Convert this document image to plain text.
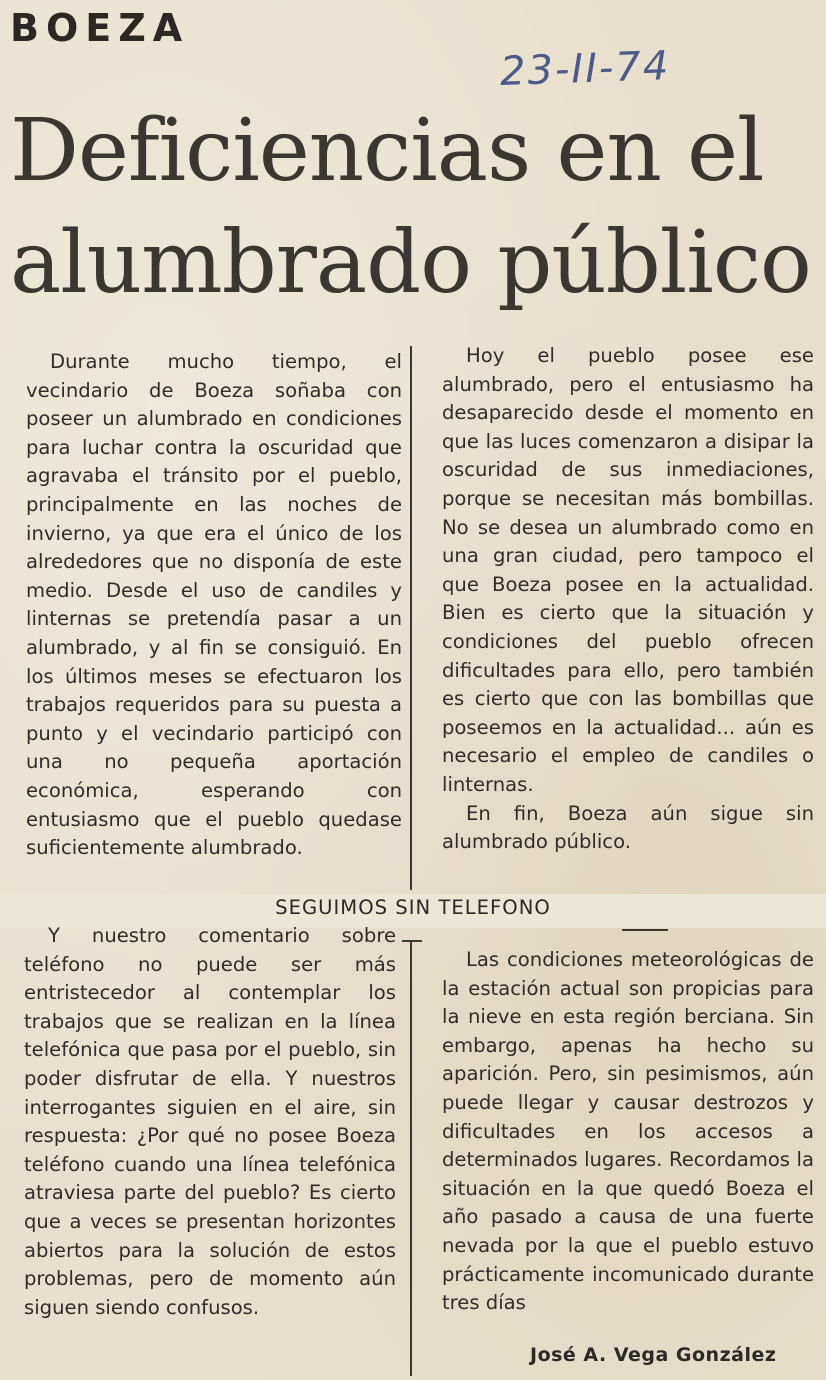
BOEZA
23-II-74
Deficiencias en el alumbrado público

Durante mucho tiempo, el vecindario de Boeza soñaba con poseer un alumbrado en condiciones para luchar contra la oscuridad que agravaba el tránsito por el pueblo, principalmente en las noches de invierno, ya que era el único de los alrededores que no disponía de este medio. Desde el uso de candiles y linternas se pretendía pasar a un alumbrado, y al fin se consiguió. En los últimos meses se efectuaron los trabajos requeridos para su puesta a punto y el vecindario participó con una no pequeña aportación económica, esperando con entusiasmo que el pueblo quedase suficientemente alumbrado.

Hoy el pueblo posee ese alumbrado, pero el entusiasmo ha desaparecido desde el momento en que las luces comenzaron a disipar la oscuridad de sus inmediaciones, porque se necesitan más bombillas. No se desea un alumbrado como en una gran ciudad, pero tampoco el que Boeza posee en la actualidad. Bien es cierto que la situación y condiciones del pueblo ofrecen dificultades para ello, pero también es cierto que con las bombillas que poseemos en la actualidad... aún es necesario el empleo de candiles o linternas.

En fin, Boeza aún sigue sin alumbrado público.

SEGUIMOS SIN TELEFONO

Y nuestro comentario sobre teléfono no puede ser más entristecedor al contemplar los trabajos que se realizan en la línea telefónica que pasa por el pueblo, sin poder disfrutar de ella. Y nuestros interrogantes siguien en el aire, sin respuesta: ¿Por qué no posee Boeza teléfono cuando una línea telefónica atraviesa parte del pueblo? Es cierto que a veces se presentan horizontes abiertos para la solución de estos problemas, pero de momento aún siguen siendo confusos.

Las condiciones meteorológicas de la estación actual son propicias para la nieve en esta región berciana. Sin embargo, apenas ha hecho su aparición. Pero, sin pesimismos, aún puede llegar y causar destrozos y dificultades en los accesos a determinados lugares. Recordamos la situación en la que quedó Boeza el año pasado a causa de una fuerte nevada por la que el pueblo estuvo prácticamente incomunicado durante tres días

José A. Vega González
